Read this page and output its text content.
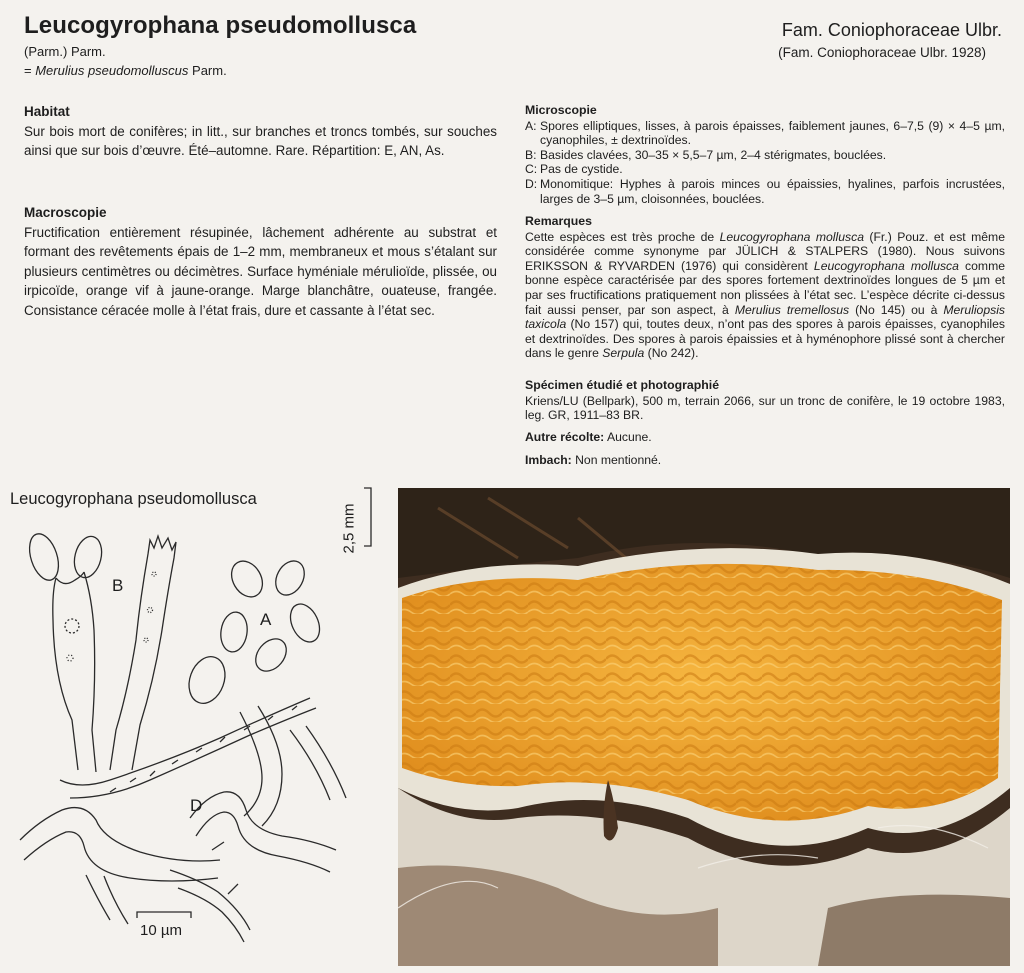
Leucogyrophana pseudomollusca
(Parm.) Parm.
= Merulius pseudomolluscus Parm.
Fam. Coniophoraceae Ulbr.
(Fam. Coniophoraceae Ulbr. 1928)
Habitat
Sur bois mort de conifères; in litt., sur branches et troncs tombés, sur souches ainsi que sur bois d’œuvre. Été–automne. Rare. Répartition: E, AN, As.
Macroscopie
Fructification entièrement résupinée, lâchement adhérente au substrat et formant des revêtements épais de 1–2 mm, membraneux et mous s’étalant sur plusieurs centimètres ou décimètres. Surface hyméniale mérulioïde, plissée, ou irpicoïde, orange vif à jaune-orange. Marge blanchâtre, ouateuse, frangée. Consistance céracée molle à l’état frais, dure et cassante à l’état sec.
Microscopie
A: Spores elliptiques, lisses, à parois épaisses, faiblement jaunes, 6–7,5 (9) × 4–5 µm, cyanophiles, ± dextrinoïdes.
B: Basides clavées, 30–35 × 5,5–7 µm, 2–4 stérigmates, bouclées.
C: Pas de cystide.
D: Monomitique: Hyphes à parois minces ou épaissies, hyalines, parfois incrustées, larges de 3–5 µm, cloisonnées, bouclées.
Remarques
Cette espèces est très proche de Leucogyrophana mollusca (Fr.) Pouz. et est même considérée comme synonyme par JÜLICH & STALPERS (1980). Nous suivons ERIKSSON & RYVARDEN (1976) qui considèrent Leucogyrophana mollusca comme bonne espèce caractérisée par des spores fortement dextrinoïdes longues de 5 µm et par ses fructifications pratiquement non plissées à l’état sec. L’espèce décrite ci-dessus fait aussi penser, par son aspect, à Merulius tremellosus (No 145) ou à Meruliopsis taxicola (No 157) qui, toutes deux, n’ont pas des spores à parois épaisses, cyanophiles et dextrinoïdes. Des spores à parois épaissies et à hyménophore plissé sont à chercher dans le genre Serpula (No 242).
Spécimen étudié et photographié
Kriens/LU (Bellpark), 500 m, terrain 2066, sur un tronc de conifère, le 19 octobre 1983, leg. GR, 1911–83 BR.
Autre récolte: Aucune.
Imbach: Non mentionné.
Leucogyrophana pseudomollusca
2,5 mm
A
B
D
10 µm
